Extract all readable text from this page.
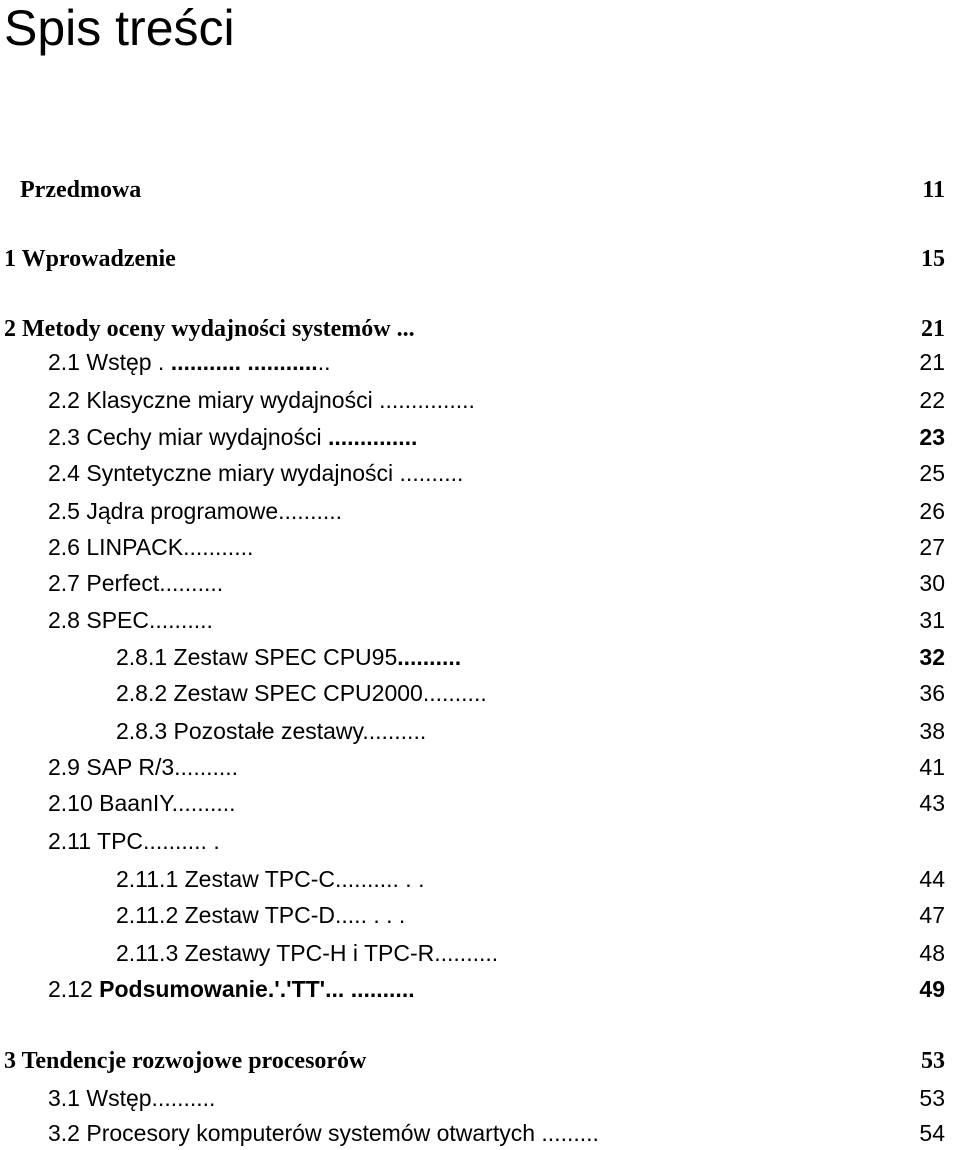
Spis treści
Przedmowa	11
1 Wprowadzenie	15
2 Metody oceny wydajności systemów ...	21
2.1 Wstęp . ........... .............	21
2.2 Klasyczne miary wydajności ...............	22
2.3 Cechy miar wydajności ..............	23
2.4 Syntetyczne miary wydajności ..........	25
2.5 Jądra programowe..........	26
2.6 LINPACK...........	27
2.7 Perfect..........	30
2.8 SPEC..........	31
2.8.1 Zestaw SPEC CPU95..........	32
2.8.2 Zestaw SPEC CPU2000..........	36
2.8.3 Pozostałe zestawy..........	38
2.9 SAP R/3..........	41
2.10 BaanIY..........	43
2.11 TPC.......... .
2.11.1 Zestaw TPC-C.......... . .	44
2.11.2 Zestaw TPC-D..... . . .	47
2.11.3 Zestawy TPC-H i TPC-R..........	48
2.12 Podsumowanie.'.'TT'... ..........	49
3 Tendencje rozwojowe procesorów	53
3.1 Wstęp..........	53
3.2 Procesory komputerów systemów otwartych .........	54
